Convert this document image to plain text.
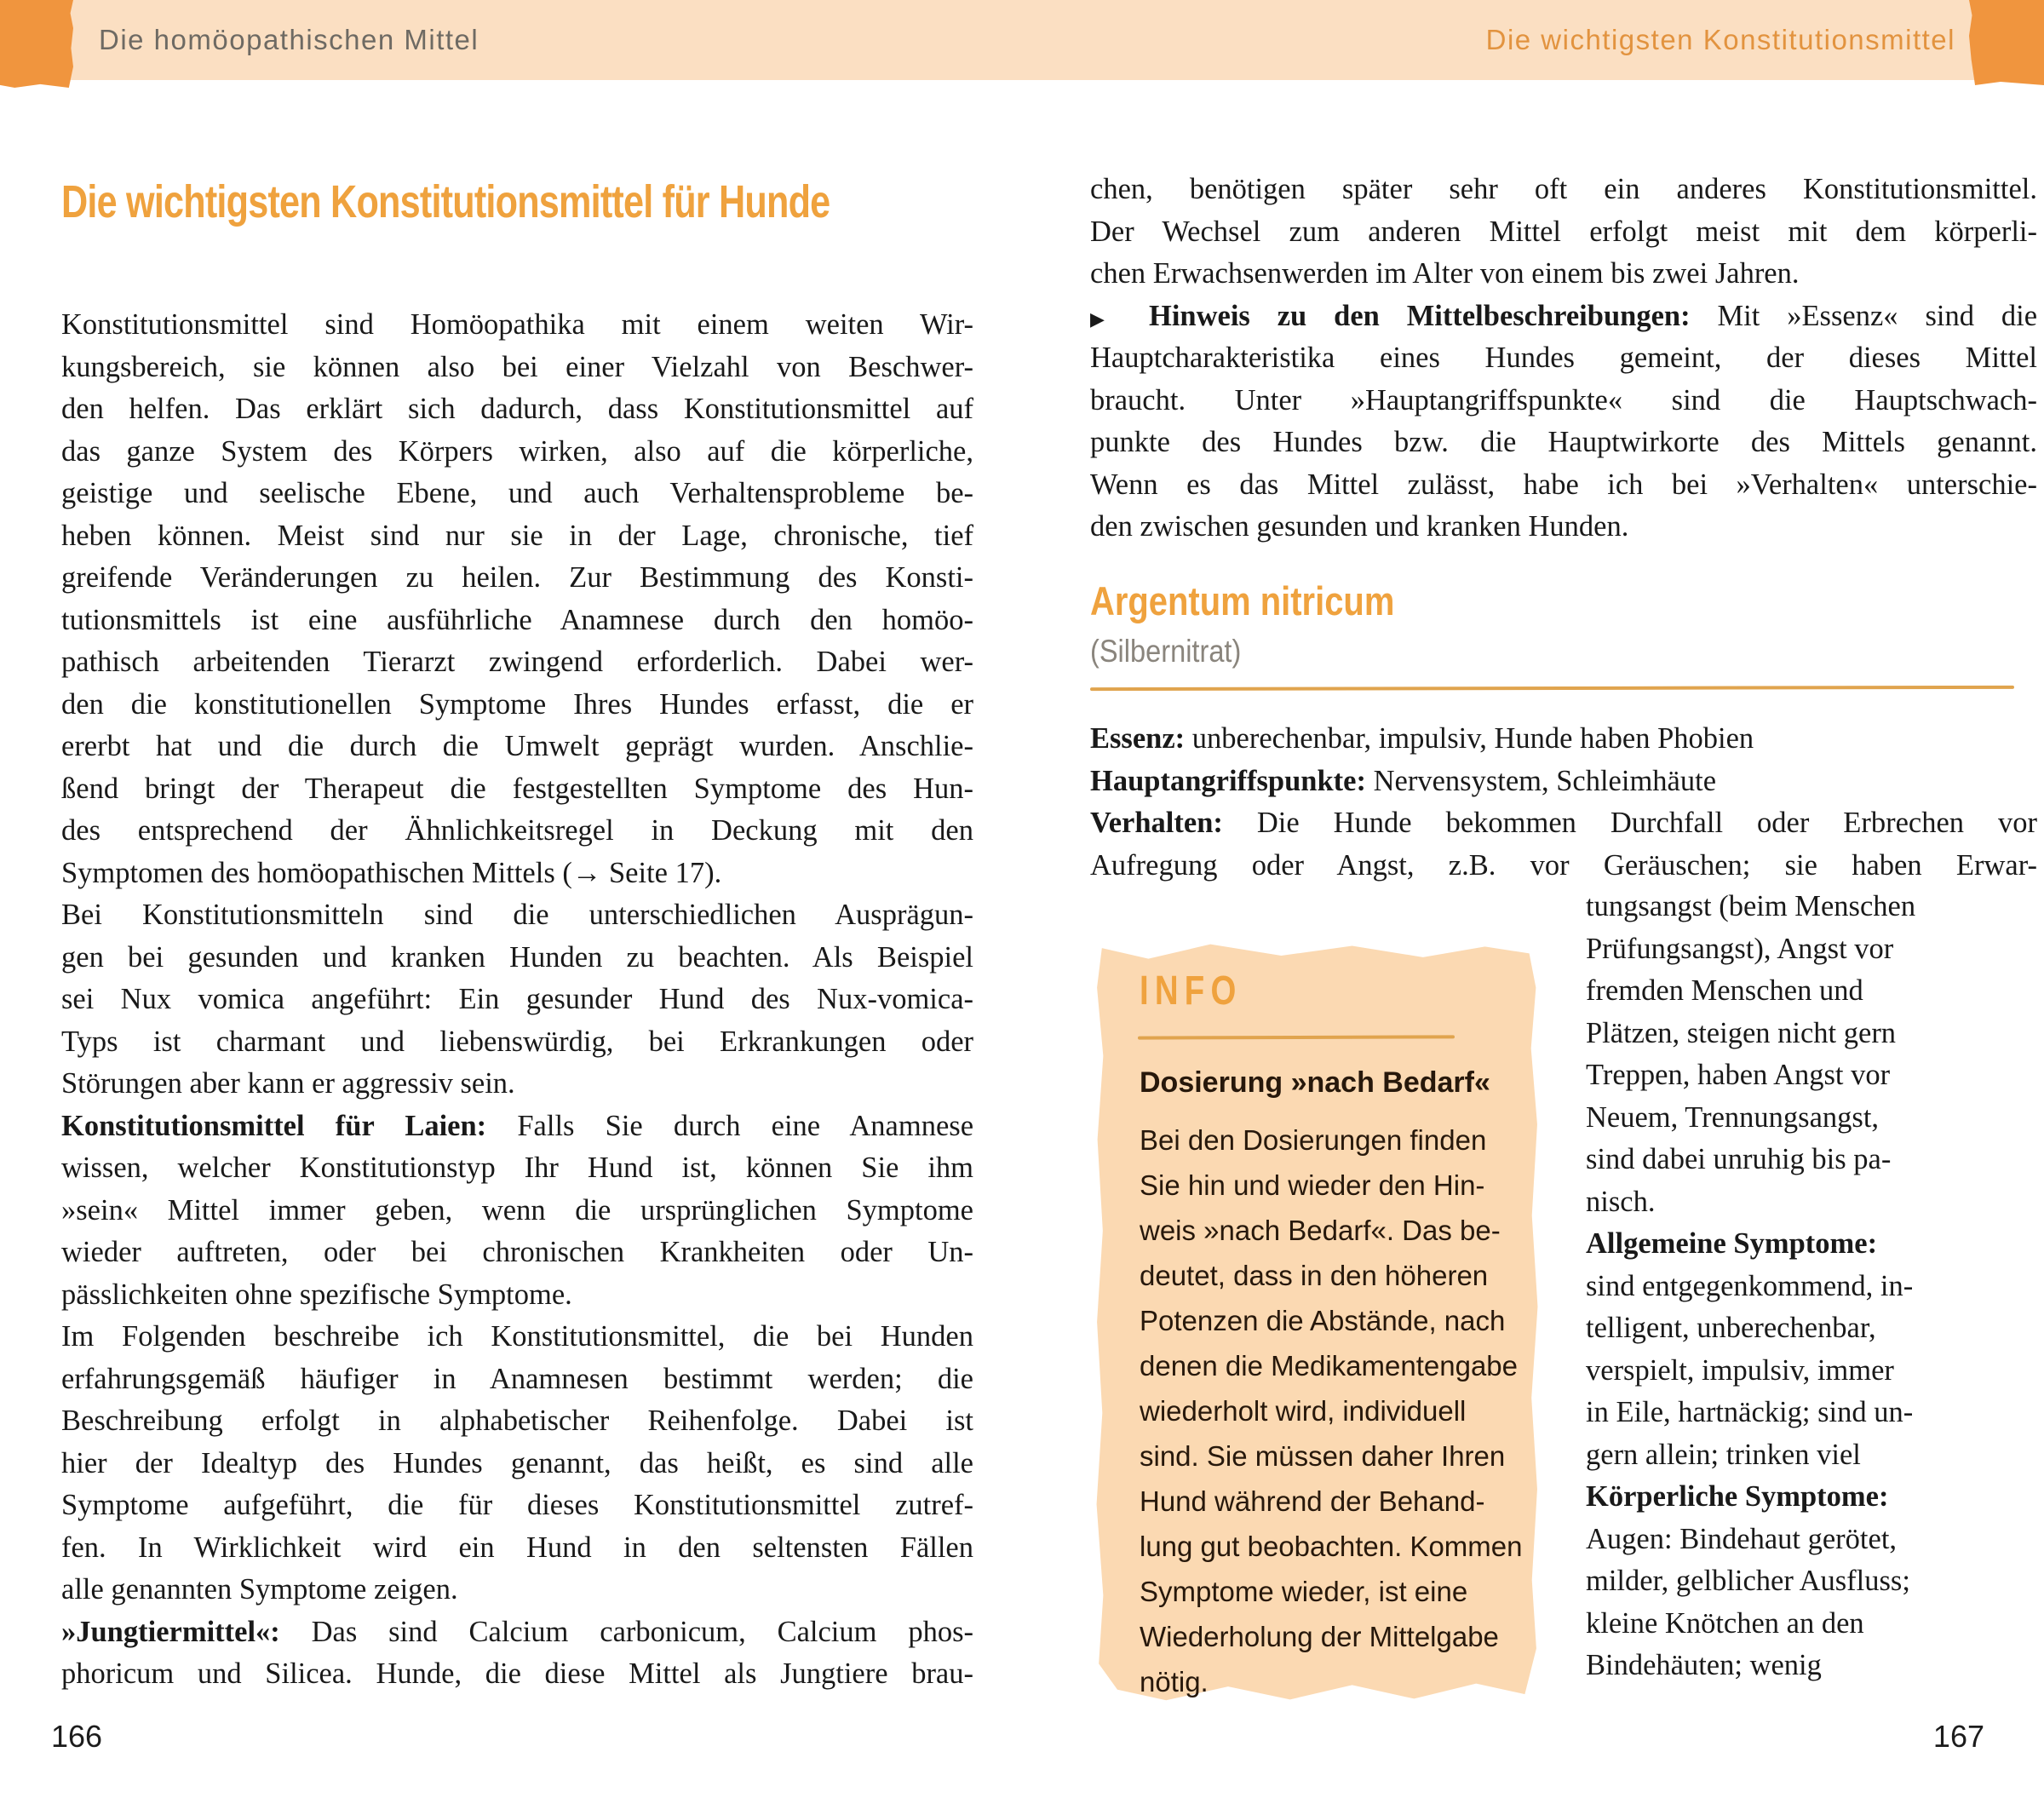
Die homöopathischen Mittel	Die wichtigsten Konstitutionsmittel
Die wichtigsten Konstitutionsmittel für Hunde
Konstitutionsmittel sind Homöopathika mit einem weiten Wir-
kungsbereich, sie können also bei einer Vielzahl von Beschwer-
den helfen. Das erklärt sich dadurch, dass Konstitutionsmittel auf
das ganze System des Körpers wirken, also auf die körperliche,
geistige und seelische Ebene, und auch Verhaltensprobleme be-
heben können. Meist sind nur sie in der Lage, chronische, tief
greifende Veränderungen zu heilen. Zur Bestimmung des Konsti-
tutionsmittels ist eine ausführliche Anamnese durch den homöo-
pathisch arbeitenden Tierarzt zwingend erforderlich. Dabei wer-
den die konstitutionellen Symptome Ihres Hundes erfasst, die er
ererbt hat und die durch die Umwelt geprägt wurden. Anschlie-
ßend bringt der Therapeut die festgestellten Symptome des Hun-
des entsprechend der Ähnlichkeitsregel in Deckung mit den
Symptomen des homöopathischen Mittels (→ Seite 17).
Bei Konstitutionsmitteln sind die unterschiedlichen Ausprägun-
gen bei gesunden und kranken Hunden zu beachten. Als Beispiel
sei Nux vomica angeführt: Ein gesunder Hund des Nux-vomica-
Typs ist charmant und liebenswürdig, bei Erkrankungen oder
Störungen aber kann er aggressiv sein.
Konstitutionsmittel für Laien: Falls Sie durch eine Anamnese
wissen, welcher Konstitutionstyp Ihr Hund ist, können Sie ihm
»sein« Mittel immer geben, wenn die ursprünglichen Symptome
wieder auftreten, oder bei chronischen Krankheiten oder Un-
pässlichkeiten ohne spezifische Symptome.
Im Folgenden beschreibe ich Konstitutionsmittel, die bei Hunden
erfahrungsgemäß häufiger in Anamnesen bestimmt werden; die
Beschreibung erfolgt in alphabetischer Reihenfolge. Dabei ist
hier der Idealtyp des Hundes genannt, das heißt, es sind alle
Symptome aufgeführt, die für dieses Konstitutionsmittel zutref-
fen. In Wirklichkeit wird ein Hund in den seltensten Fällen
alle genannten Symptome zeigen.
»Jungtiermittel«: Das sind Calcium carbonicum, Calcium phos-
phoricum und Silicea. Hunde, die diese Mittel als Jungtiere brau-
166
chen, benötigen später sehr oft ein anderes Konstitutionsmittel.
Der Wechsel zum anderen Mittel erfolgt meist mit dem körperli-
chen Erwachsenwerden im Alter von einem bis zwei Jahren.
▶ Hinweis zu den Mittelbeschreibungen: Mit »Essenz« sind die
Hauptcharakteristika eines Hundes gemeint, der dieses Mittel
braucht. Unter »Hauptangriffspunkte« sind die Hauptschwach-
punkte des Hundes bzw. die Hauptwirkorte des Mittels genannt.
Wenn es das Mittel zulässt, habe ich bei »Verhalten« unterschie-
den zwischen gesunden und kranken Hunden.
Argentum nitricum
(Silbernitrat)
Essenz: unberechenbar, impulsiv, Hunde haben Phobien
Hauptangriffspunkte: Nervensystem, Schleimhäute
Verhalten: Die Hunde bekommen Durchfall oder Erbrechen vor
Aufregung oder Angst, z.B. vor Geräuschen; sie haben Erwar-
tungsangst (beim Menschen
Prüfungsangst), Angst vor
fremden Menschen und
Plätzen, steigen nicht gern
Treppen, haben Angst vor
Neuem, Trennungsangst,
sind dabei unruhig bis pa-
nisch.
Allgemeine Symptome:
sind entgegenkommend, in-
telligent, unberechenbar,
verspielt, impulsiv, immer
in Eile, hartnäckig; sind un-
gern allein; trinken viel
Körperliche Symptome:
Augen: Bindehaut gerötet,
milder, gelblicher Ausfluss;
kleine Knötchen an den
Bindehäuten; wenig
INFO
Dosierung »nach Bedarf«
Bei den Dosierungen finden
Sie hin und wieder den Hin-
weis »nach Bedarf«. Das be-
deutet, dass in den höheren
Potenzen die Abstände, nach
denen die Medikamentengabe
wiederholt wird, individuell
sind. Sie müssen daher Ihren
Hund während der Behand-
lung gut beobachten. Kommen
Symptome wieder, ist eine
Wiederholung der Mittelgabe
nötig.
167
